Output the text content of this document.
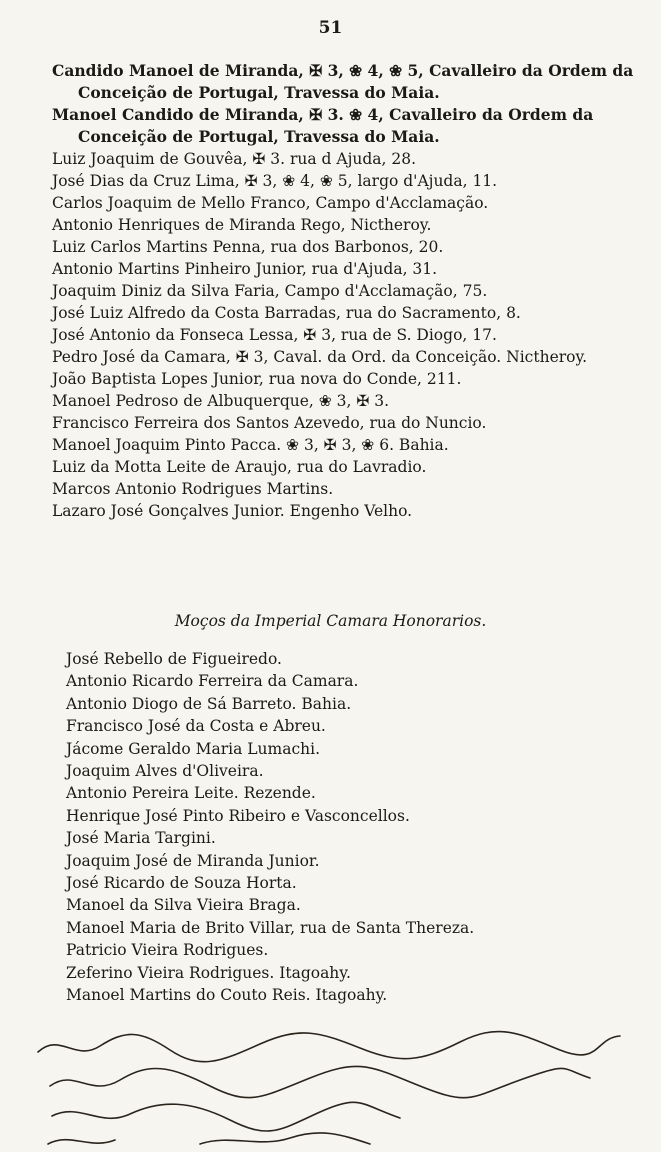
51
Candido Manoel de Miranda, ✠ 3, ❀ 4, ❀ 5, Cavalleiro da Ordem da Conceição de Portugal, Travessa do Maia.
Manoel Candido de Miranda, ✠ 3. ❀ 4, Cavalleiro da Ordem da Conceição de Portugal, Travessa do Maia.
Luiz Joaquim de Gouvêa, ✠ 3. rua d Ajuda, 28.
José Dias da Cruz Lima, ✠ 3, ❀ 4, ❀ 5, largo d'Ajuda, 11.
Carlos Joaquim de Mello Franco, Campo d'Acclamação.
Antonio Henriques de Miranda Rego, Nictheroy.
Luiz Carlos Martins Penna, rua dos Barbonos, 20.
Antonio Martins Pinheiro Junior, rua d'Ajuda, 31.
Joaquim Diniz da Silva Faria, Campo d'Acclamação, 75.
José Luiz Alfredo da Costa Barradas, rua do Sacramento, 8.
José Antonio da Fonseca Lessa, ✠ 3, rua de S. Diogo, 17.
Pedro José da Camara, ✠ 3, Caval. da Ord. da Conceição. Nictheroy.
João Baptista Lopes Junior, rua nova do Conde, 211.
Manoel Pedroso de Albuquerque, ❀ 3, ✠ 3.
Francisco Ferreira dos Santos Azevedo, rua do Nuncio.
Manoel Joaquim Pinto Pacca. ❀ 3, ✠ 3, ❀ 6. Bahia.
Luiz da Motta Leite de Araujo, rua do Lavradio.
Marcos Antonio Rodrigues Martins.
Lazaro José Gonçalves Junior. Engenho Velho.
Moços da Imperial Camara Honorarios.
José Rebello de Figueiredo.
Antonio Ricardo Ferreira da Camara.
Antonio Diogo de Sá Barreto. Bahia.
Francisco José da Costa e Abreu.
Jácome Geraldo Maria Lumachi.
Joaquim Alves d'Oliveira.
Antonio Pereira Leite. Rezende.
Henrique José Pinto Ribeiro e Vasconcellos.
José Maria Targini.
Joaquim José de Miranda Junior.
José Ricardo de Souza Horta.
Manoel da Silva Vieira Braga.
Manoel Maria de Brito Villar, rua de Santa Thereza.
Patricio Vieira Rodrigues.
Zeferino Vieira Rodrigues. Itagoahy.
Manoel Martins do Couto Reis. Itagoahy.
